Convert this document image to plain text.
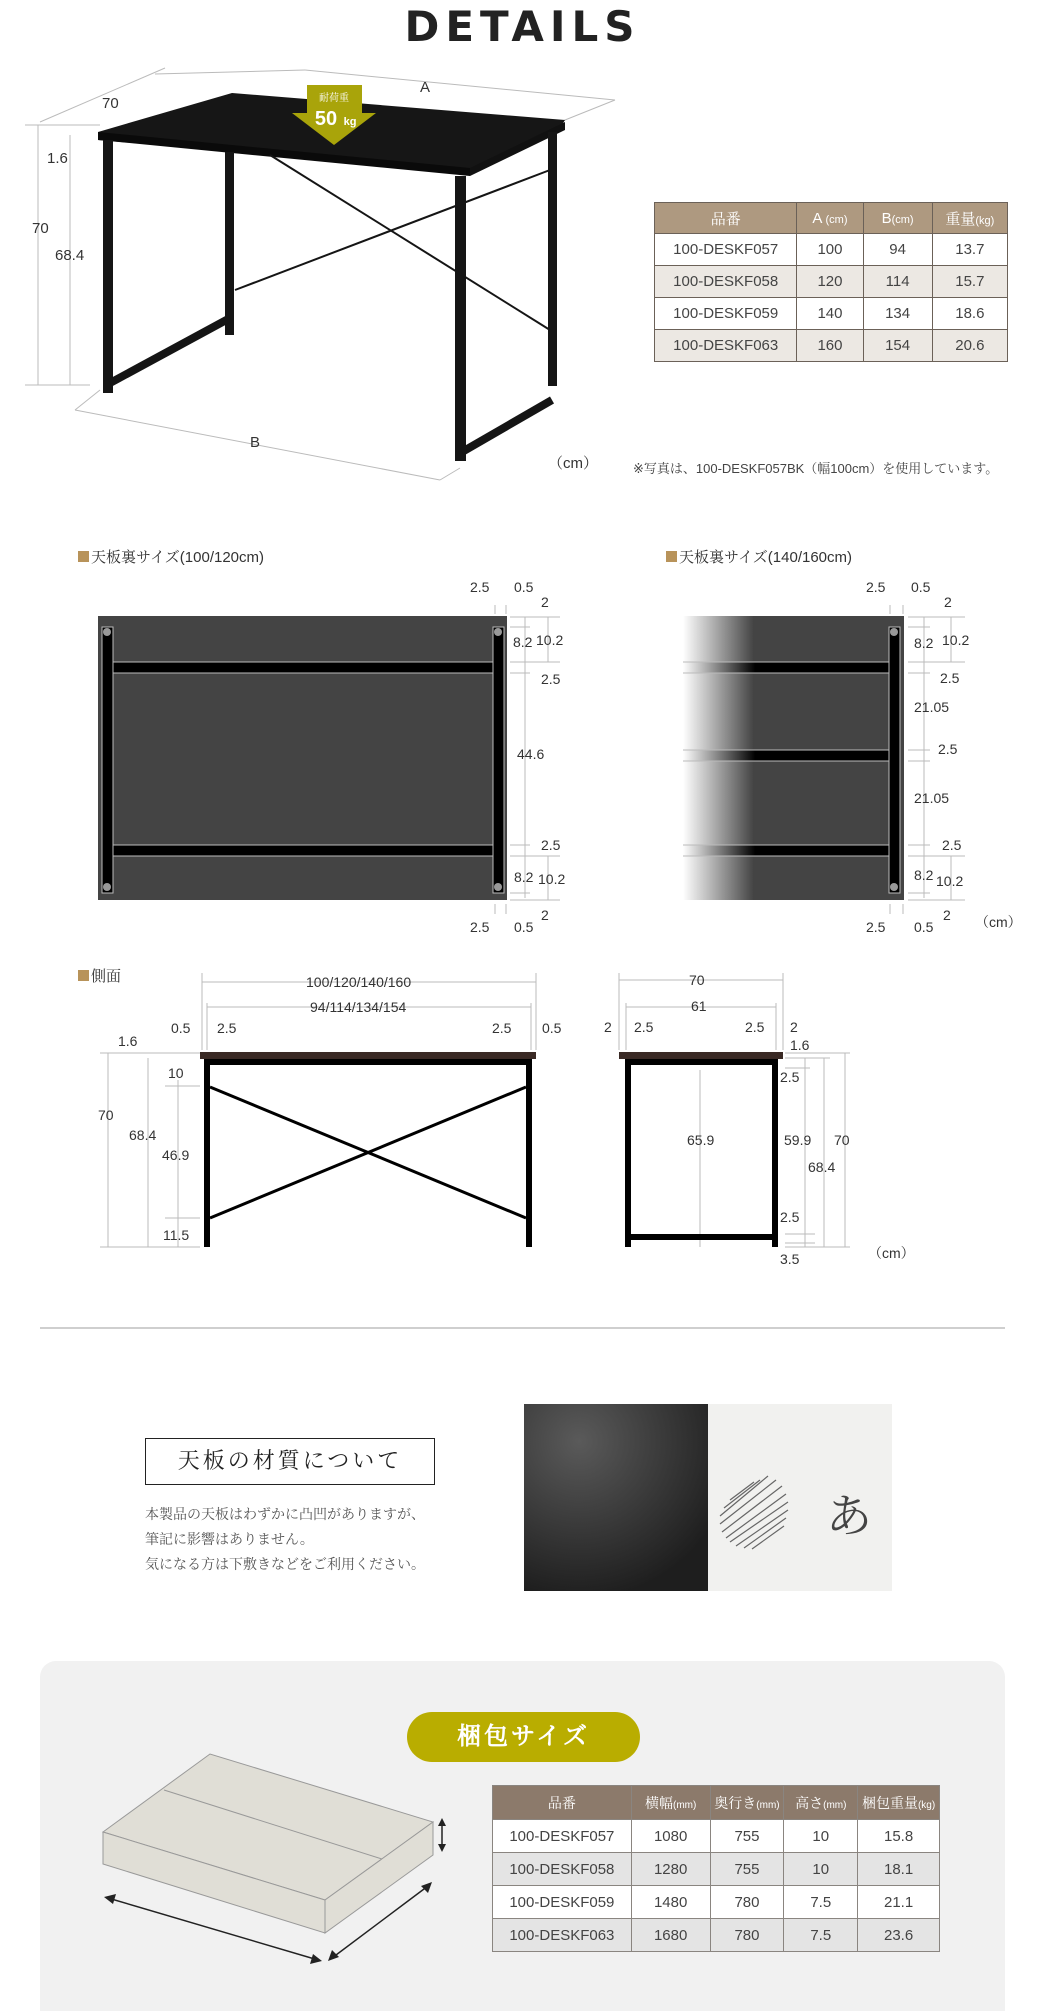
DETAILS
70
A
1.6
70
68.4
B
（cm）
耐荷重
50 kg
品番	A (cm)	B(cm)	重量(kg)
100-DESKF057	100	94	13.7
100-DESKF058	120	114	15.7
100-DESKF059	140	134	18.6
100-DESKF063	160	154	20.6
※写真は、100-DESKF057BK（幅100cm）を使用しています。
天板裏サイズ(100/120cm)	天板裏サイズ(140/160cm)
2.5 0.5
2
8.2 10.2
2.5
44.6
2.5
8.2 10.2
2
2.5 0.5
2.5 0.5
2
8.2 10.2
2.5
21.05
2.5
21.05
2.5
8.2 10.2
2
2.5 0.5	（cm）
側面	100/120/140/160
94/114/134/154
0.5 2.5	2.5 0.5
1.6
10
70
68.4
46.9
11.5
70
61
2 2.5	2.5 2
1.6
2.5
65.9	59.9 70
68.4
2.5
3.5	（cm）
天板の材質について
本製品の天板はわずかに凸凹がありますが、
筆記に影響はありません。
気になる方は下敷きなどをご利用ください。
あ
梱包サイズ
品番	横幅(mm)	奥行き(mm)	高さ(mm)	梱包重量(kg)
100-DESKF057	1080	755	10	15.8
100-DESKF058	1280	755	10	18.1
100-DESKF059	1480	780	7.5	21.1
100-DESKF063	1680	780	7.5	23.6
